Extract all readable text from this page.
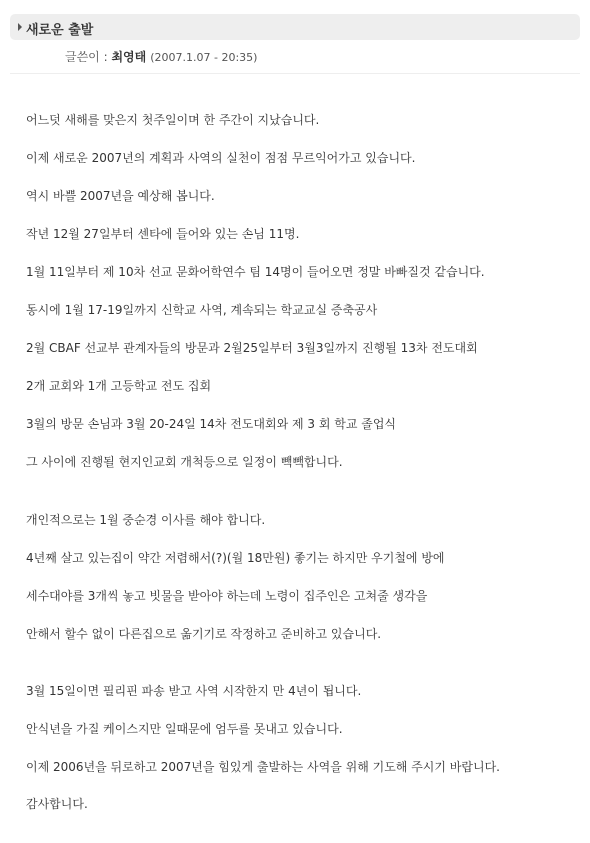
새로운 출발
글쓴이 : 최영태 (2007.1.07 - 20:35)
어느덧 새해를 맞은지 첫주일이며 한 주간이 지났습니다.
이제 새로운 2007년의 계획과 사역의 실천이 점점 무르익어가고 있습니다.
역시 바쁠 2007년을 예상해 봅니다.
작년 12월 27일부터 센타에 들어와 있는 손님 11명.
1월 11일부터 제 10차 선교 문화어학연수 팀 14명이 들어오면 정말 바빠질것 같습니다.
동시에 1월 17-19일까지 신학교 사역, 계속되는 학교교실 증축공사
2월 CBAF 선교부 관계자들의 방문과 2월25일부터 3월3일까지 진행될 13차 전도대회
2개 교회와 1개 고등학교 전도 집회
3월의 방문 손님과 3월 20-24일 14차 전도대회와 제 3 회 학교 졸업식
그 사이에 진행될 현지인교회 개척등으로 일정이 빽빽합니다.
개인적으로는 1월 중순경 이사를 해야 합니다.
4년째 살고 있는집이 약간 저렴해서(?)(월 18만원) 좋기는 하지만 우기철에 방에
세수대야를 3개씩 놓고 빗물을 받아야 하는데 노령이 집주인은 고쳐줄 생각을
안해서 할수 없이 다른집으로 옮기기로 작정하고 준비하고 있습니다.
3월 15일이면 필리핀 파송 받고 사역 시작한지 만 4년이 됩니다.
안식년을 가질 케이스지만 일때문에 엄두를 못내고 있습니다.
이제 2006년을 뒤로하고 2007년을 힘있게 출발하는 사역을 위해 기도해 주시기 바랍니다.
감사합니다.
